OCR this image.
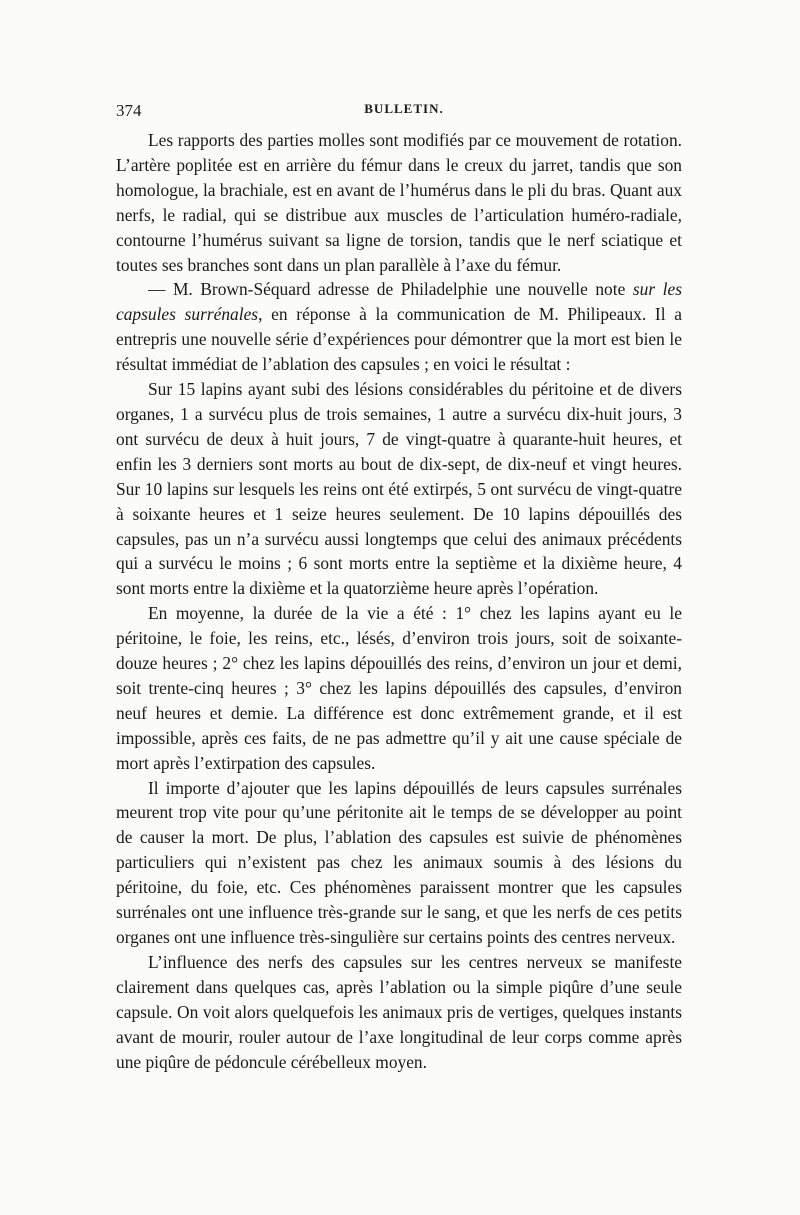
374	BULLETIN.

Les rapports des parties molles sont modifiés par ce mouvement de rotation. L’artère poplitée est en arrière du fémur dans le creux du jarret, tandis que son homologue, la brachiale, est en avant de l’humérus dans le pli du bras. Quant aux nerfs, le radial, qui se distribue aux muscles de l’articulation huméro-radiale, contourne l’humérus suivant sa ligne de torsion, tandis que le nerf sciatique et toutes ses branches sont dans un plan parallèle à l’axe du fémur.

— M. Brown-Séquard adresse de Philadelphie une nouvelle note sur les capsules surrénales, en réponse à la communication de M. Philipeaux. Il a entrepris une nouvelle série d’expériences pour démontrer que la mort est bien le résultat immédiat de l’ablation des capsules ; en voici le résultat :

Sur 15 lapins ayant subi des lésions considérables du péritoine et de divers organes, 1 a survécu plus de trois semaines, 1 autre a survécu dix-huit jours, 3 ont survécu de deux à huit jours, 7 de vingt-quatre à quarante-huit heures, et enfin les 3 derniers sont morts au bout de dix-sept, de dix-neuf et vingt heures. Sur 10 lapins sur lesquels les reins ont été extirpés, 5 ont survécu de vingt-quatre à soixante heures et 1 seize heures seulement. De 10 lapins dépouillés des capsules, pas un n’a survécu aussi longtemps que celui des animaux précédents qui a survécu le moins ; 6 sont morts entre la septième et la dixième heure, 4 sont morts entre la dixième et la quatorzième heure après l’opération.

En moyenne, la durée de la vie a été : 1° chez les lapins ayant eu le péritoine, le foie, les reins, etc., lésés, d’environ trois jours, soit de soixante-douze heures ; 2° chez les lapins dépouillés des reins, d’environ un jour et demi, soit trente-cinq heures ; 3° chez les lapins dépouillés des capsules, d’environ neuf heures et demie. La différence est donc extrêmement grande, et il est impossible, après ces faits, de ne pas admettre qu’il y ait une cause spéciale de mort après l’extirpation des capsules.

Il importe d’ajouter que les lapins dépouillés de leurs capsules surrénales meurent trop vite pour qu’une péritonite ait le temps de se développer au point de causer la mort. De plus, l’ablation des capsules est suivie de phénomènes particuliers qui n’existent pas chez les animaux soumis à des lésions du péritoine, du foie, etc. Ces phénomènes paraissent montrer que les capsules surrénales ont une influence très-grande sur le sang, et que les nerfs de ces petits organes ont une influence très-singulière sur certains points des centres nerveux.

L’influence des nerfs des capsules sur les centres nerveux se manifeste clairement dans quelques cas, après l’ablation ou la simple piqûre d’une seule capsule. On voit alors quelquefois les animaux pris de vertiges, quelques instants avant de mourir, rouler autour de l’axe longitudinal de leur corps comme après une piqûre de pédoncule cérébelleux moyen.
